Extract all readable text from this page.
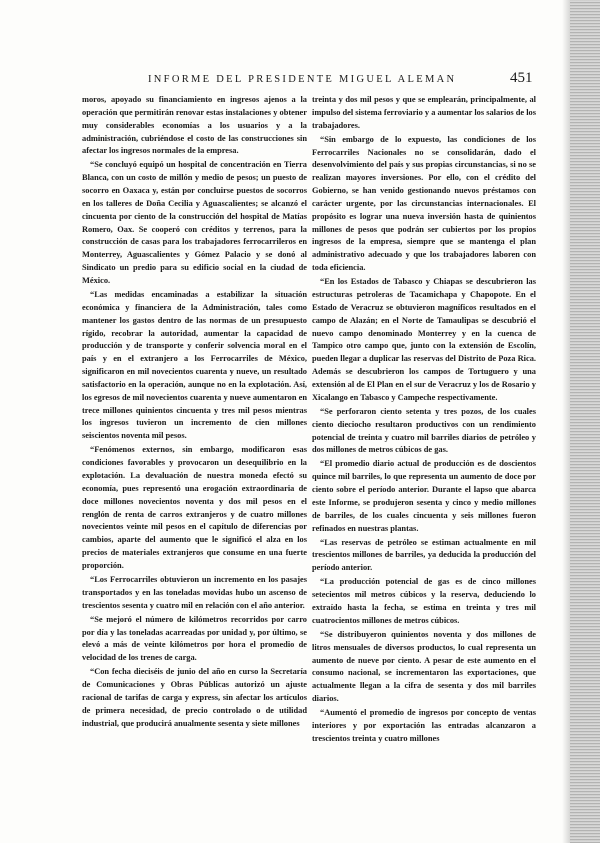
INFORME DEL PRESIDENTE MIGUEL ALEMAN	451

moros, apoyado su financiamiento en ingresos ajenos a la operación que permitirán renovar estas instalaciones y obtener muy considerables economías a los usuarios y a la administración, cubriéndose el costo de las construcciones sin afectar los ingresos normales de la empresa.

“Se concluyó equipó un hospital de concentración en Tierra Blanca, con un costo de millón y medio de pesos; un puesto de socorro en Oaxaca y, están por concluirse puestos de socorros en los talleres de Doña Cecilia y Aguascalientes; se alcanzó el cincuenta por ciento de la construcción del hospital de Matías Romero, Oax. Se cooperó con créditos y terrenos, para la construcción de casas para los trabajadores ferrocarrileros en Monterrey, Aguascalientes y Gómez Palacio y se donó al Sindicato un predio para su edificio social en la ciudad de México.

“Las medidas encaminadas a estabilizar la situación económica y financiera de la Administración, tales como mantener los gastos dentro de las normas de un presupuesto rígido, recobrar la autoridad, aumentar la capacidad de producción y de transporte y conferir solvencia moral en el país y en el extranjero a los Ferrocarriles de México, significaron en mil novecientos cuarenta y nueve, un resultado satisfactorio en la operación, aunque no en la explotación. Así, los egresos de mil novecientos cuarenta y nueve aumentaron en trece millones quinientos cincuenta y tres mil pesos mientras los ingresos tuvieron un incremento de cien millones seiscientos noventa mil pesos.

“Fenómenos externos, sin embargo, modificaron esas condiciones favorables y provocaron un desequilibrio en la explotación. La devaluación de nuestra moneda efectó su economía, pues representó una erogación extraordinaria de doce millones novecientos noventa y dos mil pesos en el renglón de renta de carros extranjeros y de cuatro millones novecientos veinte mil pesos en el capítulo de diferencias por cambios, aparte del aumento que le significó el alza en los precios de materiales extranjeros que consume en una fuerte proporción.

“Los Ferrocarriles obtuvieron un incremento en los pasajes transportados y en las toneladas movidas hubo un ascenso de trescientos sesenta y cuatro mil en relación con el año anterior.

“Se mejoró el número de kilómetros recorridos por carro por día y las toneladas acarreadas por unidad y, por último, se elevó a más de veinte kilómetros por hora el promedio de velocidad de los trenes de carga.

“Con fecha dieciséis de junio del año en curso la Secretaría de Comunicaciones y Obras Públicas autorizó un ajuste racional de tarifas de carga y express, sin afectar los artículos de primera necesidad, de precio controlado o de utilidad industrial, que producirá anualmente sesenta y siete millones

treinta y dos mil pesos y que se emplearán, principalmente, al impulso del sistema ferroviario y a aumentar los salarios de los trabajadores.

“Sin embargo de lo expuesto, las condiciones de los Ferrocarriles Nacionales no se consolidarán, dado el desenvolvimiento del país y sus propias circunstancias, si no se realizan mayores inversiones. Por ello, con el crédito del Gobierno, se han venido gestionando nuevos préstamos con carácter urgente, por las circunstancias internacionales. El propósito es lograr una nueva inversión hasta de quinientos millones de pesos que podrán ser cubiertos por los propios ingresos de la empresa, siempre que se mantenga el plan administrativo adecuado y que los trabajadores laboren con toda eficiencia.

“En los Estados de Tabasco y Chiapas se descubrieron las estructuras petroleras de Tacamichapa y Chapopote. En el Estado de Veracruz se obtuvieron magníficos resultados en el campo de Alazán; en el Norte de Tamaulipas se descubrió el nuevo campo denominado Monterrey y en la cuenca de Tampico otro campo que, junto con la extensión de Escolín, pueden llegar a duplicar las reservas del Distrito de Poza Rica. Además se descubrieron los campos de Tortuguero y una extensión al de El Plan en el sur de Veracruz y los de Rosario y Xicalango en Tabasco y Campeche respectivamente.

“Se perforaron ciento setenta y tres pozos, de los cuales ciento dieciocho resultaron productivos con un rendimiento potencial de treinta y cuatro mil barriles diarios de petróleo y dos millones de metros cúbicos de gas.

“El promedio diario actual de producción es de doscientos quince mil barriles, lo que representa un aumento de doce por ciento sobre el período anterior. Durante el lapso que abarca este Informe, se produjeron sesenta y cinco y medio millones de barriles, de los cuales cincuenta y seis millones fueron refinados en nuestras plantas.

“Las reservas de petróleo se estiman actualmente en mil trescientos millones de barriles, ya deducida la producción del período anterior.

“La producción potencial de gas es de cinco millones setecientos mil metros cúbicos y la reserva, deduciendo lo extraído hasta la fecha, se estima en treinta y tres mil cuatrocientos millones de metros cúbicos.

“Se distribuyeron quinientos noventa y dos millones de litros mensuales de diversos productos, lo cual representa un aumento de nueve por ciento. A pesar de este aumento en el consumo nacional, se incrementaron las exportaciones, que actualmente llegan a la cifra de sesenta y dos mil barriles diarios.

“Aumentó el promedio de ingresos por concepto de ventas interiores y por exportación las entradas alcanzaron a trescientos treinta y cuatro millones
